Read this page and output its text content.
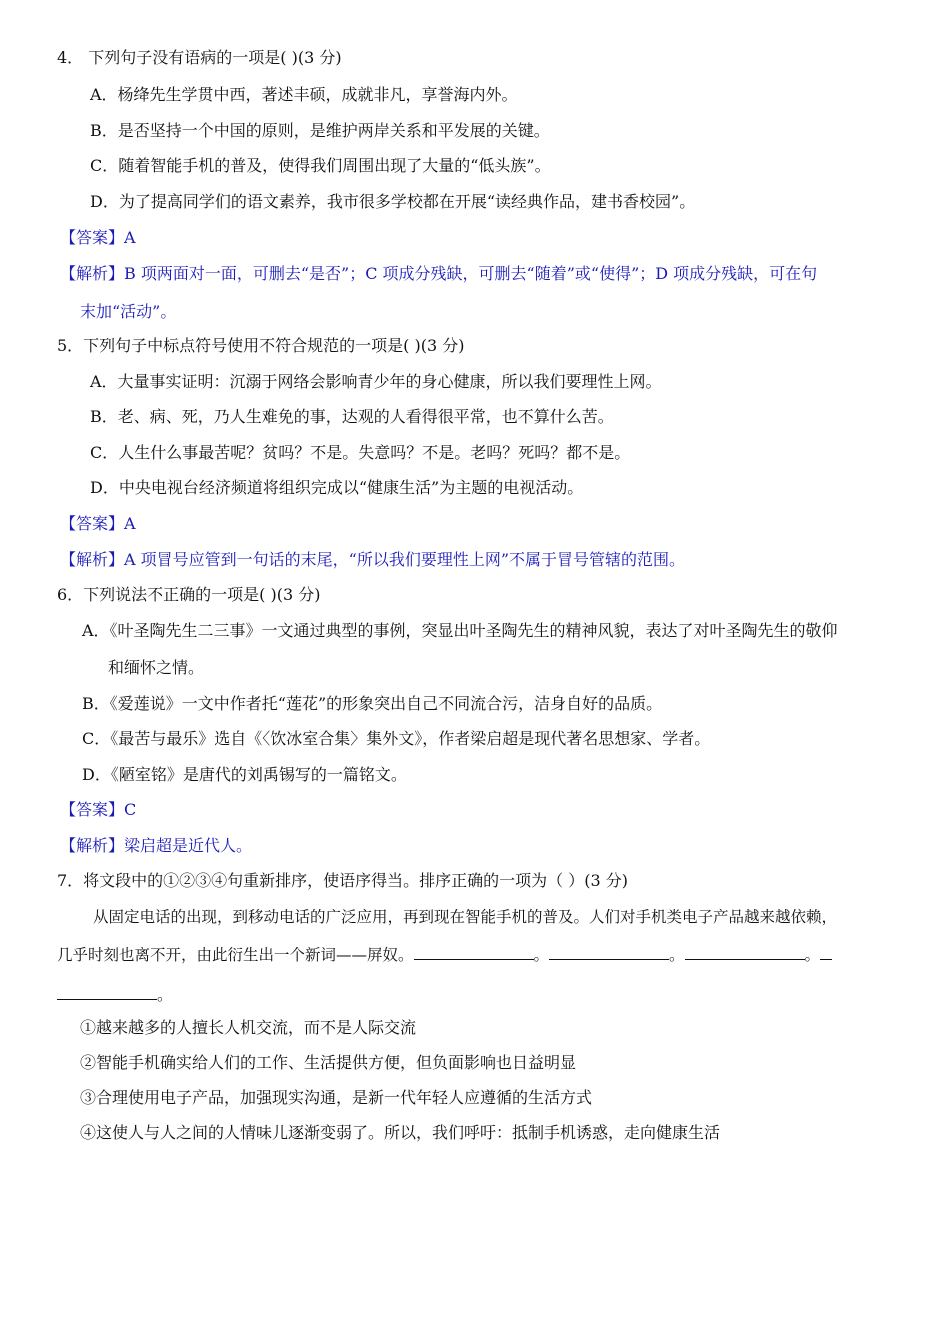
4． 下列句子没有语病的一项是( )(3 分)
A．杨绛先生学贯中西，著述丰硕，成就非凡，享誉海内外。
B．是否坚持一个中国的原则，是维护两岸关系和平发展的关键。
C．随着智能手机的普及，使得我们周围出现了大量的“低头族”。
D．为了提高同学们的语文素养，我市很多学校都在开展“读经典作品，建书香校园”。
【答案】A
【解析】B 项两面对一面，可删去“是否”；C 项成分残缺，可删去“随着”或“使得”；D 项成分残缺，可在句
末加“活动”。
5．下列句子中标点符号使用不符合规范的一项是( )(3 分)
A．大量事实证明：沉溺于网络会影响青少年的身心健康，所以我们要理性上网。
B．老、病、死，乃人生难免的事，达观的人看得很平常，也不算什么苦。
C．人生什么事最苦呢？贫吗？不是。失意吗？不是。老吗？死吗？都不是。
D．中央电视台经济频道将组织完成以“健康生活”为主题的电视活动。
【答案】A
【解析】A 项冒号应管到一句话的末尾，“所以我们要理性上网”不属于冒号管辖的范围。
6．下列说法不正确的一项是( )(3 分)
A．《叶圣陶先生二三事》一文通过典型的事例，突显出叶圣陶先生的精神风貌，表达了对叶圣陶先生的敬仰
和缅怀之情。
B．《爱莲说》一文中作者托“莲花”的形象突出自己不同流合污，洁身自好的品质。
C．《最苦与最乐》选自《〈饮冰室合集〉集外文》，作者梁启超是现代著名思想家、学者。
D．《陋室铭》是唐代的刘禹锡写的一篇铭文。
【答案】C
【解析】梁启超是近代人。
7．将文段中的①②③④句重新排序，使语序得当。排序正确的一项为（ ）(3 分)
从固定电话的出现，到移动电话的广泛应用，再到现在智能手机的普及。人们对手机类电子产品越来越依赖，
几乎时刻也离不开，由此衍生出一个新词——屏奴。	。	。	。
。
①越来越多的人擅长人机交流，而不是人际交流
②智能手机确实给人们的工作、生活提供方便，但负面影响也日益明显
③合理使用电子产品，加强现实沟通，是新一代年轻人应遵循的生活方式
④这使人与人之间的人情味儿逐渐变弱了。所以，我们呼吁：抵制手机诱惑，走向健康生活
